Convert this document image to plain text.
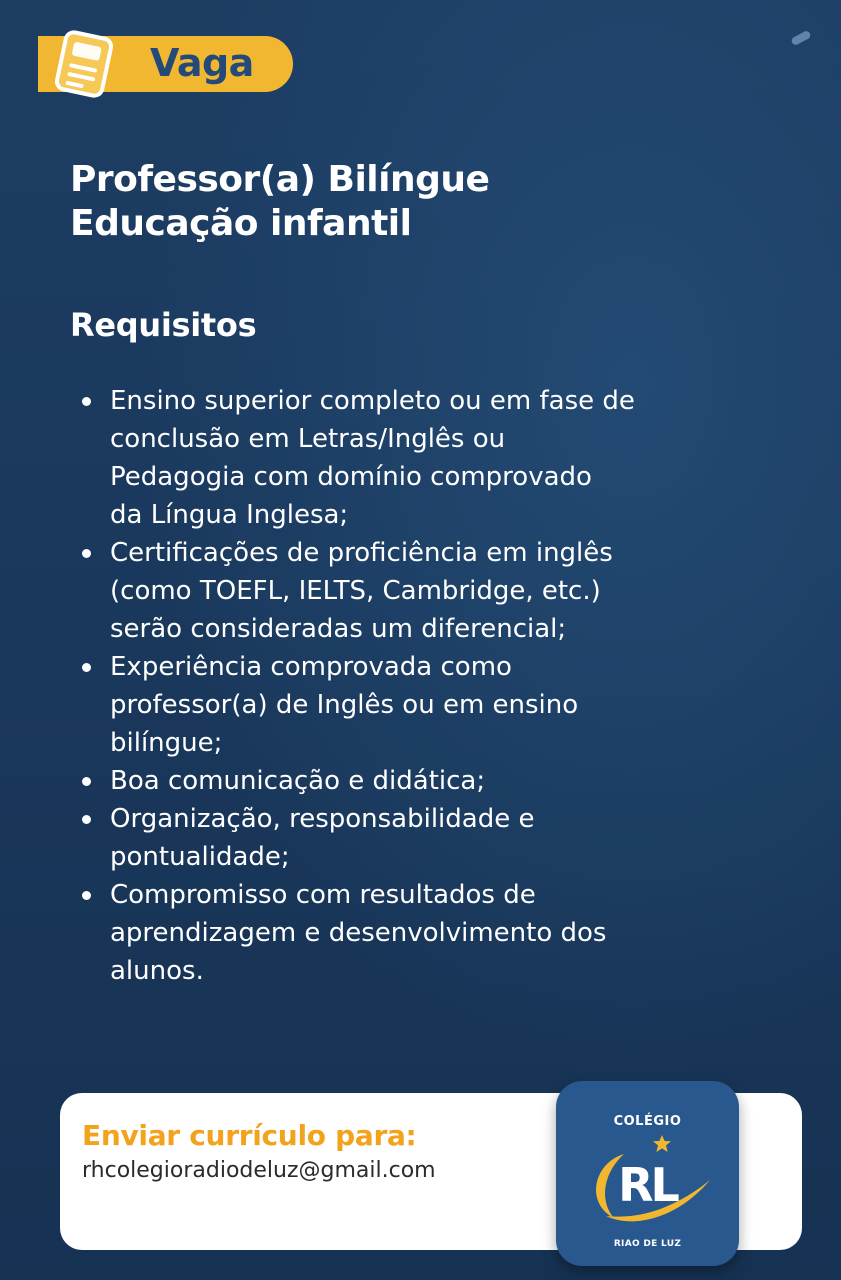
Vaga
Professor(a) Bilíngue
Educação infantil
Requisitos
Ensino superior completo ou em fase de
conclusão em Letras/Inglês ou
Pedagogia com domínio comprovado
da Língua Inglesa;
Certificações de proficiência em inglês
(como TOEFL, IELTS, Cambridge, etc.)
serão consideradas um diferencial;
Experiência comprovada como
professor(a) de Inglês ou em ensino
bilíngue;
Boa comunicação e didática;
Organização, responsabilidade e
pontualidade;
Compromisso com resultados de
aprendizagem e desenvolvimento dos
alunos.
Enviar currículo para:
rhcolegioradiodeluz@gmail.com
COLÉGIO
RL
RIAO DE LUZ
